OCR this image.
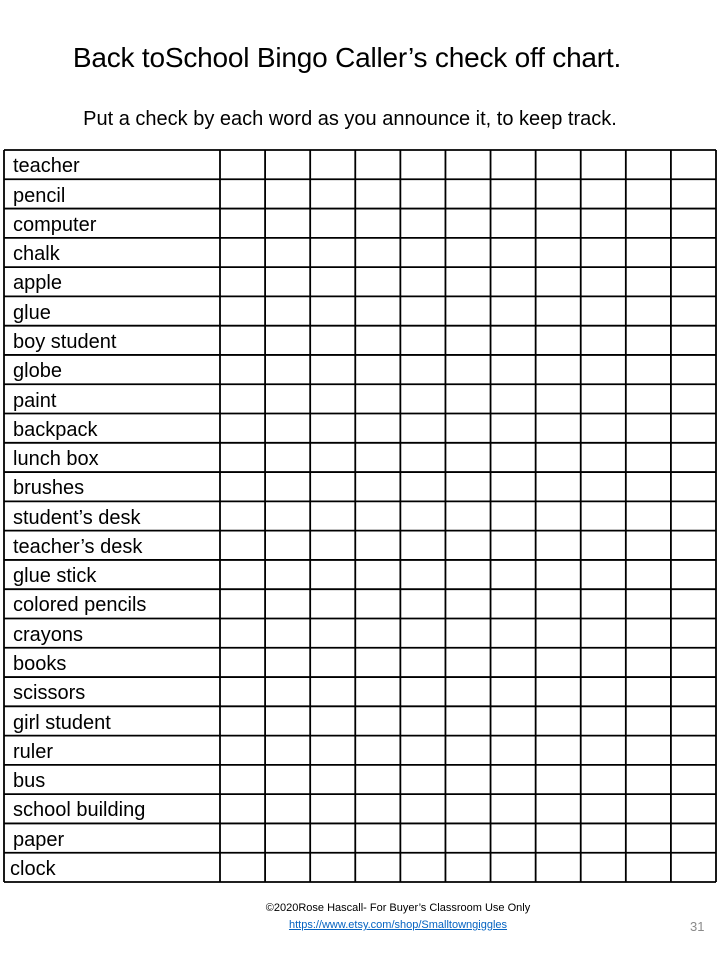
Back toSchool Bingo Caller’s check off chart.
Put a check by each word as you announce it, to keep track.
teacher
pencil
computer
chalk
apple
glue
boy student
globe
paint
backpack
lunch box
brushes
student’s desk
teacher’s desk
glue stick
colored pencils
crayons
books
scissors
girl student
ruler
bus
school building
paper
clock
©2020Rose Hascall- For Buyer’s Classroom Use Only
https://www.etsy.com/shop/Smalltowngiggles	31
